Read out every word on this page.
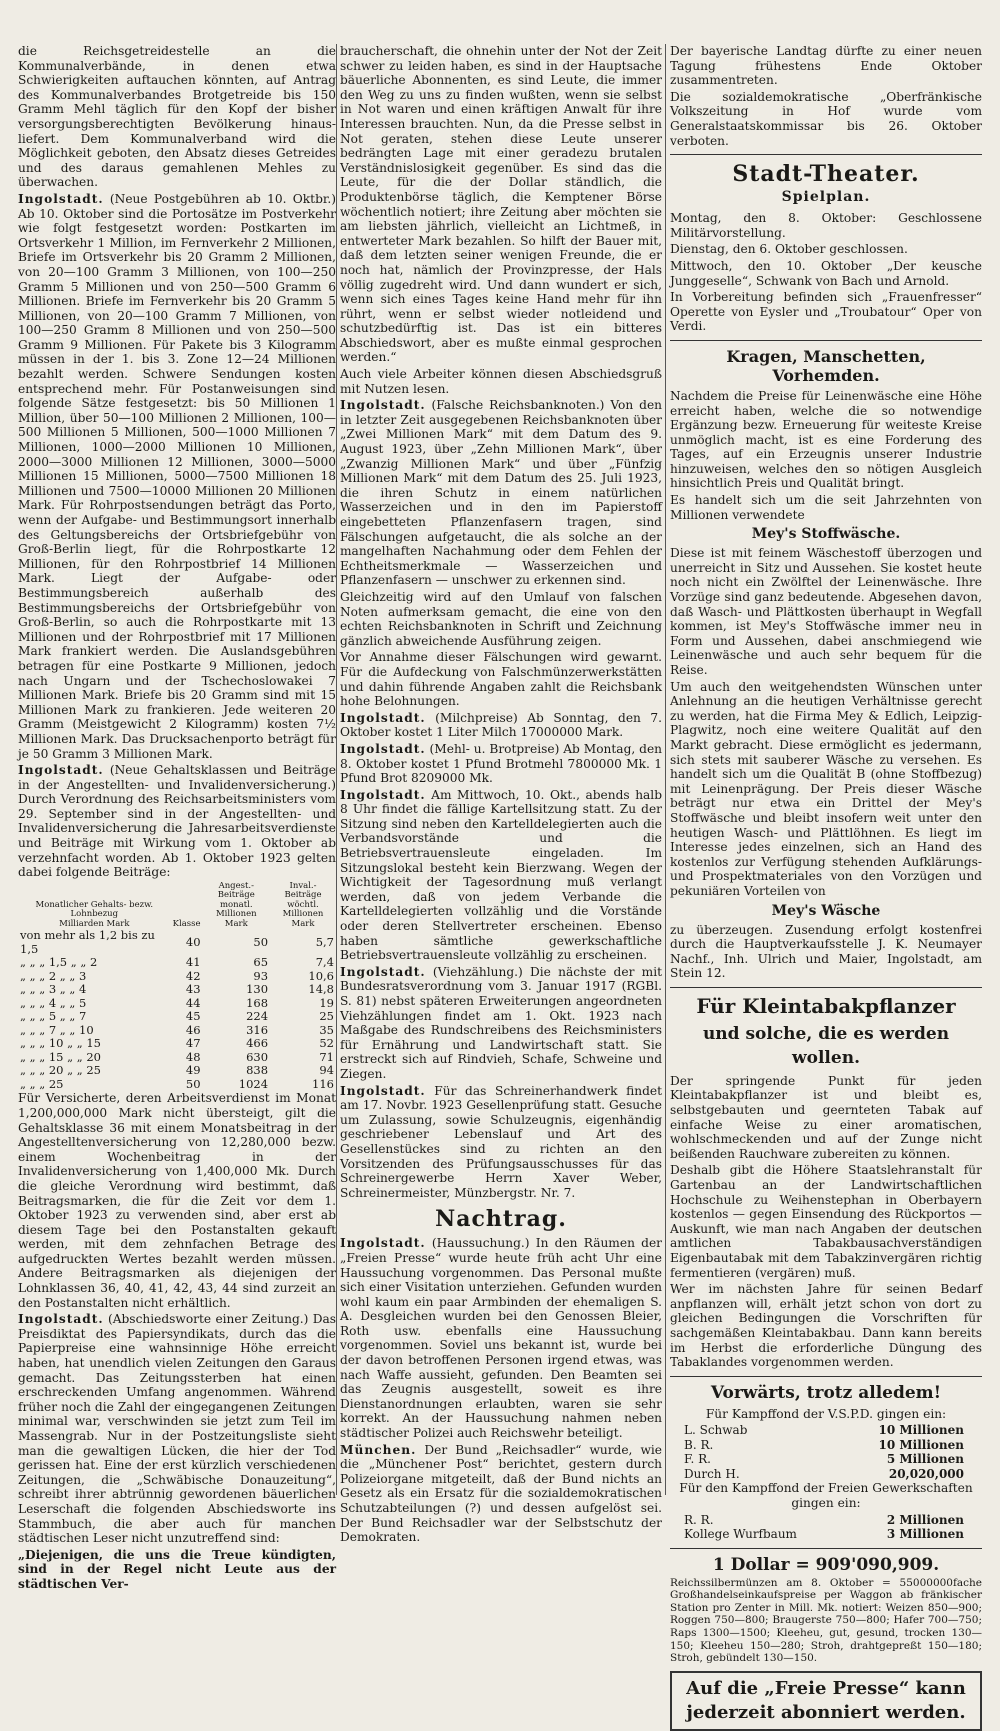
die Reichsgetreidestelle an die Kommunalverbände, in denen etwa Schwierigkeiten auftauchen könnten, auf Antrag des Kommunalverbandes Brotgetreide bis 150 Gramm Mehl täglich für den Kopf der bisher versorgungsberechtigten Bevölkerung hinaus-liefert. Dem Kommunalverband wird die Möglichkeit geboten, den Absatz dieses Getreides und des daraus gemahlenen Mehles zu überwachen.

Ingolstadt. (Neue Postgebühren ab 10. Oktbr.) Ab 10. Oktober sind die Portosätze im Postverkehr wie folgt festgesetzt worden: Postkarten im Ortsverkehr 1 Million, im Fernverkehr 2 Millionen, Briefe im Ortsverkehr bis 20 Gramm 2 Millionen, von 20—100 Gramm 3 Millionen, von 100—250 Gramm 5 Millionen und von 250—500 Gramm 6 Millionen. Briefe im Fernverkehr bis 20 Gramm 5 Millionen, von 20—100 Gramm 7 Millionen, von 100—250 Gramm 8 Millionen und von 250—500 Gramm 9 Millionen. Für Pakete bis 3 Kilogramm müssen in der 1. bis 3. Zone 12—24 Millionen bezahlt werden. Schwere Sendungen kosten entsprechend mehr. Für Postanweisungen sind folgende Sätze festgesetzt: bis 50 Millionen 1 Million, über 50—100 Millionen 2 Millionen, 100—500 Millionen 5 Millionen, 500—1000 Millionen 7 Millionen, 1000—2000 Millionen 10 Millionen, 2000—3000 Millionen 12 Millionen, 3000—5000 Millionen 15 Millionen, 5000—7500 Millionen 18 Millionen und 7500—10000 Millionen 20 Millionen Mark. Für Rohrpostsendungen beträgt das Porto, wenn der Aufgabe- und Bestimmungsort innerhalb des Geltungsbereichs der Ortsbriefgebühr von Groß-Berlin liegt, für die Rohrpostkarte 12 Millionen, für den Rohrpostbrief 14 Millionen Mark. Liegt der Aufgabe- oder Bestimmungsbereich außerhalb des Bestimmungsbereichs der Ortsbriefgebühr von Groß-Berlin, so auch die Rohrpostkarte mit 13 Millionen und der Rohrpostbrief mit 17 Millionen Mark frankiert werden. Die Auslandsgebühren betragen für eine Postkarte 9 Millionen, jedoch nach Ungarn und der Tschechoslowakei 7 Millionen Mark. Briefe bis 20 Gramm sind mit 15 Millionen Mark zu frankieren. Jede weiteren 20 Gramm (Meistgewicht 2 Kilogramm) kosten 7½ Millionen Mark. Das Drucksachenporto beträgt für je 50 Gramm 3 Millionen Mark.

Ingolstadt. (Neue Gehaltsklassen und Beiträge in der Angestellten- und Invalidenversicherung.) Durch Verordnung des Reichsarbeitsministers vom 29. September sind in der Angestellten- und Invalidenversicherung die Jahresarbeitsverdienste und Beiträge mit Wirkung vom 1. Oktober ab verzehnfacht worden. Ab 1. Oktober 1923 gelten dabei folgende Beiträge:

Monatlicher Gehalts- bezw. Lohnbezug
Milliarden Mark	Klasse	Angest.-Beiträge monatl. Millionen Mark	Inval.-Beiträge wöchtl. Millionen Mark
von mehr als 1,2 bis zu 1,5	40	50	5,7
„ „ „ 1,5 „ „ 2	41	65	7,4
„ „ „ 2 „ „ 3	42	93	10,6
„ „ „ 3 „ „ 4	43	130	14,8
„ „ „ 4 „ „ 5	44	168	19
„ „ „ 5 „ „ 7	45	224	25
„ „ „ 7 „ „ 10	46	316	35
„ „ „ 10 „ „ 15	47	466	52
„ „ „ 15 „ „ 20	48	630	71
„ „ „ 20 „ „ 25	49	838	94
„ „ „ 25	50	1024	116

Für Versicherte, deren Arbeitsverdienst im Monat 1,200,000,000 Mark nicht übersteigt, gilt die Gehaltsklasse 36 mit einem Monatsbeitrag in der Angestelltenversicherung von 12,280,000 bezw. einem Wochenbeitrag in der Invalidenversicherung von 1,400,000 Mk. Durch die gleiche Verordnung wird bestimmt, daß Beitragsmarken, die für die Zeit vor dem 1. Oktober 1923 zu verwenden sind, aber erst ab diesem Tage bei den Postanstalten gekauft werden, mit dem zehnfachen Betrage des aufgedruckten Wertes bezahlt werden müssen. Andere Beitragsmarken als diejenigen der Lohnklassen 36, 40, 41, 42, 43, 44 sind zurzeit an den Postanstalten nicht erhältlich.

Ingolstadt. (Abschiedsworte einer Zeitung.) Das Preisdiktat des Papiersyndikats, durch das die Papierpreise eine wahnsinnige Höhe erreicht haben, hat unendlich vielen Zeitungen den Garaus gemacht. Das Zeitungssterben hat einen erschreckenden Umfang angenommen. Während früher noch die Zahl der eingegangenen Zeitungen minimal war, verschwinden sie jetzt zum Teil im Massengrab. Nur in der Postzeitungsliste sieht man die gewaltigen Lücken, die hier der Tod gerissen hat. Eine der erst kürzlich verschiedenen Zeitungen, die „Schwäbische Donauzeitung“, schreibt ihrer abtrünnig gewordenen bäuerlichen Leserschaft die folgenden Abschiedsworte ins Stammbuch, die aber auch für manchen städtischen Leser nicht unzutreffend sind:

„Diejenigen, die uns die Treue kündigten, sind in der Regel nicht Leute aus der städtischen Ver-

braucherschaft, die ohnehin unter der Not der Zeit schwer zu leiden haben, es sind in der Hauptsache bäuerliche Abonnenten, es sind Leute, die immer den Weg zu uns zu finden wußten, wenn sie selbst in Not waren und einen kräftigen Anwalt für ihre Interessen brauchten. Nun, da die Presse selbst in Not geraten, stehen diese Leute unserer bedrängten Lage mit einer geradezu brutalen Verständnislosigkeit gegenüber. Es sind das die Leute, für die der Dollar ständlich, die Produktenbörse täglich, die Kemptener Börse wöchentlich notiert; ihre Zeitung aber möchten sie am liebsten jährlich, vielleicht an Lichtmeß, in entwerteter Mark bezahlen. So hilft der Bauer mit, daß dem letzten seiner wenigen Freunde, die er noch hat, nämlich der Provinzpresse, der Hals völlig zugedreht wird. Und dann wundert er sich, wenn sich eines Tages keine Hand mehr für ihn rührt, wenn er selbst wieder notleidend und schutzbedürftig ist. Das ist ein bitteres Abschiedswort, aber es mußte einmal gesprochen werden.“

Auch viele Arbeiter können diesen Abschiedsgruß mit Nutzen lesen.

Ingolstadt. (Falsche Reichsbanknoten.) Von den in letzter Zeit ausgegebenen Reichsbanknoten über „Zwei Millionen Mark“ mit dem Datum des 9. August 1923, über „Zehn Millionen Mark“, über „Zwanzig Millionen Mark“ und über „Fünfzig Millionen Mark“ mit dem Datum des 25. Juli 1923, die ihren Schutz in einem natürlichen Wasserzeichen und in den im Papierstoff eingebetteten Pflanzenfasern tragen, sind Fälschungen aufgetaucht, die als solche an der mangelhaften Nachahmung oder dem Fehlen der Echtheitsmerkmale — Wasserzeichen und Pflanzenfasern — unschwer zu erkennen sind.

Gleichzeitig wird auf den Umlauf von falschen Noten aufmerksam gemacht, die eine von den echten Reichsbanknoten in Schrift und Zeichnung gänzlich abweichende Ausführung zeigen.

Vor Annahme dieser Fälschungen wird gewarnt. Für die Aufdeckung von Falschmünzerwerkstätten und dahin führende Angaben zahlt die Reichsbank hohe Belohnungen.

Ingolstadt. (Milchpreise) Ab Sonntag, den 7. Oktober kostet 1 Liter Milch 17000000 Mark.

Ingolstadt. (Mehl- u. Brotpreise) Ab Montag, den 8. Oktober kostet 1 Pfund Brotmehl 7800000 Mk. 1 Pfund Brot 8209000 Mk.

Ingolstadt. Am Mittwoch, 10. Okt., abends halb 8 Uhr findet die fällige Kartellsitzung statt. Zu der Sitzung sind neben den Kartelldelegierten auch die Verbandsvorstände und die Betriebsvertrauensleute eingeladen. Im Sitzungslokal besteht kein Bierzwang. Wegen der Wichtigkeit der Tagesordnung muß verlangt werden, daß von jedem Verbande die Kartelldelegierten vollzählig und die Vorstände oder deren Stellvertreter erscheinen. Ebenso haben sämtliche gewerkschaftliche Betriebsvertrauensleute vollzählig zu erscheinen.

Ingolstadt. (Viehzählung.) Die nächste der mit Bundesratsverordnung vom 3. Januar 1917 (RGBl. S. 81) nebst späteren Erweiterungen angeordneten Viehzählungen findet am 1. Okt. 1923 nach Maßgabe des Rundschreibens des Reichsministers für Ernährung und Landwirtschaft statt. Sie erstreckt sich auf Rindvieh, Schafe, Schweine und Ziegen.

Ingolstadt. Für das Schreinerhandwerk findet am 17. Novbr. 1923 Gesellenprüfung statt. Gesuche um Zulassung, sowie Schulzeugnis, eigenhändig geschriebener Lebenslauf und Art des Gesellenstückes sind zu richten an den Vorsitzenden des Prüfungsausschusses für das Schreinergewerbe Herrn Xaver Weber, Schreinermeister, Münzbergstr. Nr. 7.

Nachtrag.

Ingolstadt. (Haussuchung.) In den Räumen der „Freien Presse“ wurde heute früh acht Uhr eine Haussuchung vorgenommen. Das Personal mußte sich einer Visitation unterziehen. Gefunden wurden wohl kaum ein paar Armbinden der ehemaligen S. A. Desgleichen wurden bei den Genossen Bleier, Roth usw. ebenfalls eine Haussuchung vorgenommen. Soviel uns bekannt ist, wurde bei der davon betroffenen Personen irgend etwas, was nach Waffe aussieht, gefunden. Den Beamten sei das Zeugnis ausgestellt, soweit es ihre Dienstanordnungen erlaubten, waren sie sehr korrekt. An der Haussuchung nahmen neben städtischer Polizei auch Reichswehr beteiligt.

München. Der Bund „Reichsadler“ wurde, wie die „Münchener Post“ berichtet, gestern durch Polizeiorgane mitgeteilt, daß der Bund nichts an Gesetz als ein Ersatz für die sozialdemokratischen Schutzabteilungen (?) und dessen aufgelöst sei. Der Bund Reichsadler war der Selbstschutz der Demokraten.

Der bayerische Landtag dürfte zu einer neuen Tagung frühestens Ende Oktober zusammentreten.

Die sozialdemokratische „Oberfränkische Volkszeitung in Hof wurde vom Generalstaatskommissar bis 26. Oktober verboten.

Stadt-Theater.
Spielplan.

Montag, den 8. Oktober: Geschlossene Militärvorstellung.

Dienstag, den 6. Oktober geschlossen.

Mittwoch, den 10. Oktober „Der keusche Junggeselle“, Schwank von Bach und Arnold.

In Vorbereitung befinden sich „Frauenfresser“ Operette von Eysler und „Troubatour“ Oper von Verdi.

Kragen, Manschetten, Vorhemden.

Nachdem die Preise für Leinenwäsche eine Höhe erreicht haben, welche die so notwendige Ergänzung bezw. Erneuerung für weiteste Kreise unmöglich macht, ist es eine Forderung des Tages, auf ein Erzeugnis unserer Industrie hinzuweisen, welches den so nötigen Ausgleich hinsichtlich Preis und Qualität bringt.

Es handelt sich um die seit Jahrzehnten von Millionen verwendete

Mey's Stoffwäsche.

Diese ist mit feinem Wäschestoff überzogen und unerreicht in Sitz und Aussehen. Sie kostet heute noch nicht ein Zwölftel der Leinenwäsche. Ihre Vorzüge sind ganz bedeutende. Abgesehen davon, daß Wasch- und Plättkosten überhaupt in Wegfall kommen, ist Mey's Stoffwäsche immer neu in Form und Aussehen, dabei anschmiegend wie Leinenwäsche und auch sehr bequem für die Reise.

Um auch den weitgehendsten Wünschen unter Anlehnung an die heutigen Verhältnisse gerecht zu werden, hat die Firma Mey & Edlich, Leipzig-Plagwitz, noch eine weitere Qualität auf den Markt gebracht. Diese ermöglicht es jedermann, sich stets mit sauberer Wäsche zu versehen. Es handelt sich um die Qualität B (ohne Stoffbezug) mit Leinenprägung. Der Preis dieser Wäsche beträgt nur etwa ein Drittel der Mey's Stoffwäsche und bleibt insofern weit unter den heutigen Wasch- und Plättlöhnen. Es liegt im Interesse jedes einzelnen, sich an Hand des kostenlos zur Verfügung stehenden Aufklärungs- und Prospektmateriales von den Vorzügen und pekuniären Vorteilen von

Mey's Wäsche

zu überzeugen. Zusendung erfolgt kostenfrei durch die Hauptverkaufsstelle J. K. Neumayer Nachf., Inh. Ulrich und Maier, Ingolstadt, am Stein 12.

Für Kleintabakpflanzer
und solche, die es werden wollen.

Der springende Punkt für jeden Kleintabakpflanzer ist und bleibt es, selbstgebauten und geernteten Tabak auf einfache Weise zu einer aromatischen, wohlschmeckenden und auf der Zunge nicht beißenden Rauchware zubereiten zu können.

Deshalb gibt die Höhere Staatslehranstalt für Gartenbau an der Landwirtschaftlichen Hochschule zu Weihenstephan in Oberbayern kostenlos — gegen Einsendung des Rückportos — Auskunft, wie man nach Angaben der deutschen amtlichen Tabakbausachverständigen Eigenbautabak mit dem Tabakzinvergären richtig fermentieren (vergären) muß.

Wer im nächsten Jahre für seinen Bedarf anpflanzen will, erhält jetzt schon von dort zu gleichen Bedingungen die Vorschriften für sachgemäßen Kleintabakbau. Dann kann bereits im Herbst die erforderliche Düngung des Tabaklandes vorgenommen werden.

Vorwärts, trotz alledem!

Für Kampffond der V.S.P.D. gingen ein:

L. Schwab	10 Millionen
B. R.	10 Millionen
F. R.	5 Millionen
Durch H.	20,020,000

Für den Kampffond der Freien Gewerkschaften gingen ein:

R. R.	2 Millionen
Kollege Wurfbaum	3 Millionen
1 Dollar = 909'090,909.

Reichssilbermünzen am 8. Oktober = 55000000fache Großhandelseinkaufspreise per Waggon ab fränkischer Station pro Zenter in Mill. Mk. notiert: Weizen 850—900; Roggen 750—800; Braugerste 750—800; Hafer 700—750; Raps 1300—1500; Kleeheu, gut, gesund, trocken 130—150; Kleeheu 150—280; Stroh, drahtgepreßt 150—180; Stroh, gebündelt 130—150.

Auf die „Freie Presse“ kann
jederzeit abonniert werden.
